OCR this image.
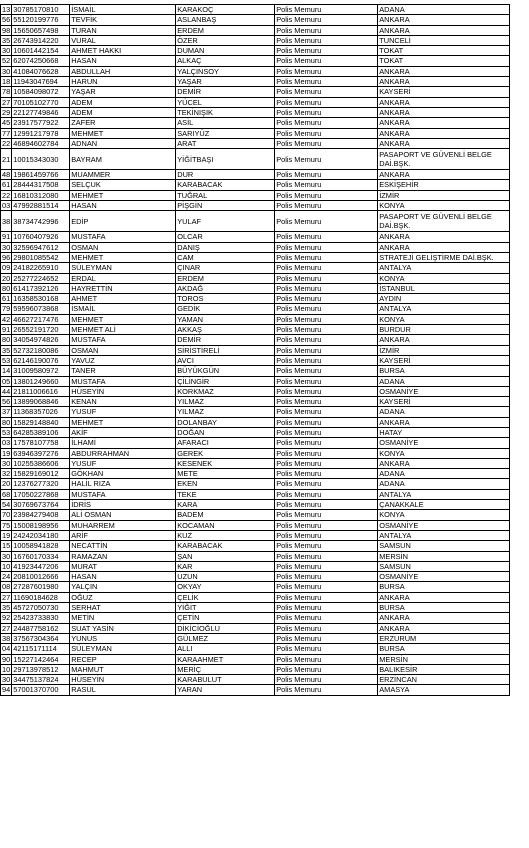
13	30785170810	İSMAİL	KARAKOÇ	Polis Memuru	ADANA
56	55120199776	TEVFİK	ASLANBAŞ	Polis Memuru	ANKARA
98	15650657498	TURAN	ERDEM	Polis Memuru	ANKARA
35	26743914220	VURAL	ÖZER	Polis Memuru	TUNCELİ
30	10601442154	AHMET HAKKI	DUMAN	Polis Memuru	TOKAT
52	62074250668	HASAN	ALKAÇ	Polis Memuru	TOKAT
30	41084076628	ABDULLAH	YALÇINSOY	Polis Memuru	ANKARA
18	11943047694	HARUN	YAŞAR	Polis Memuru	ANKARA
78	10584098072	YAŞAR	DEMİR	Polis Memuru	KAYSERİ
27	70105102770	ADEM	YÜCEL	Polis Memuru	ANKARA
29	22127749846	ADEM	TEKİNIŞIK	Polis Memuru	ANKARA
45	23917577922	ZAFER	ASİL	Polis Memuru	ANKARA
77	12991217978	MEHMET	SARIYÜZ	Polis Memuru	ANKARA
22	46894602784	ADNAN	ARAT	Polis Memuru	ANKARA
21	10015343030	BAYRAM	YİĞİTBAŞI	Polis Memuru	PASAPORT VE GÜVENLİ BELGE DAİ.BŞK.
48	19861459766	MUAMMER	DUR	Polis Memuru	ANKARA
61	28444317508	SELÇUK	KARABACAK	Polis Memuru	ESKİŞEHİR
22	16810312080	MEHMET	TUĞRAL	Polis Memuru	İZMİR
03	47992881514	HASAN	PİŞGİN	Polis Memuru	KONYA
38	38734742996	EDİP	YULAF	Polis Memuru	PASAPORT VE GÜVENLİ BELGE DAİ.BŞK.
91	10760407926	MUSTAFA	OLCAR	Polis Memuru	ANKARA
30	32596947612	OSMAN	DANIŞ	Polis Memuru	ANKARA
96	29801085542	MEHMET	CAM	Polis Memuru	STRATEJİ GELİŞTİRME DAİ.BŞK.
09	24182265910	SÜLEYMAN	ÇINAR	Polis Memuru	ANTALYA
20	25277224652	ERDAL	ERDEM	Polis Memuru	KONYA
80	61417392126	HAYRETTİN	AKDAĞ	Polis Memuru	İSTANBUL
61	16358530168	AHMET	TOROS	Polis Memuru	AYDIN
79	59596073868	İSMAİL	GEDİK	Polis Memuru	ANTALYA
42	46627217476	MEHMET	YAMAN	Polis Memuru	KONYA
91	26552191720	MEHMET ALİ	AKKAŞ	Polis Memuru	BURDUR
80	34054974826	MUSTAFA	DEMİR	Polis Memuru	ANKARA
35	52732180086	OSMAN	SİRİSTİRELİ	Polis Memuru	İZMİR
53	62146190076	YAVUZ	AVCI	Polis Memuru	KAYSERİ
14	31009580972	TANER	BÜYÜKGÜN	Polis Memuru	BURSA
05	13801249660	MUSTAFA	ÇİLİNGİR	Polis Memuru	ADANA
44	21811006616	HÜSEYİN	KORKMAZ	Polis Memuru	OSMANİYE
56	13899068846	KENAN	YILMAZ	Polis Memuru	KAYSERİ
37	11368357026	YUSUF	YILMAZ	Polis Memuru	ADANA
80	15829148840	MEHMET	DOLANBAY	Polis Memuru	ANKARA
53	64285389106	AKİF	DOĞAN	Polis Memuru	HATAY
03	17578107758	İLHAMİ	AFARACI	Polis Memuru	OSMANİYE
19	63946397276	ABDURRAHMAN	GEREK	Polis Memuru	KONYA
30	10255386606	YUSUF	KESENEK	Polis Memuru	ANKARA
32	15829169012	GÖKHAN	METE	Polis Memuru	ADANA
20	12376277320	HALİL RIZA	EKEN	Polis Memuru	ADANA
68	17050227868	MUSTAFA	TEKE	Polis Memuru	ANTALYA
54	30769673764	İDRİS	KARA	Polis Memuru	ÇANAKKALE
70	23984279408	ALİ OSMAN	BADEM	Polis Memuru	KONYA
75	15008198956	MUHARREM	KOCAMAN	Polis Memuru	OSMANİYE
19	24242034180	ARİF	KUZ	Polis Memuru	ANTALYA
15	10058941828	NECATTİN	KARABACAK	Polis Memuru	SAMSUN
30	16760170334	RAMAZAN	ŞAN	Polis Memuru	MERSİN
10	41923447206	MURAT	KAR	Polis Memuru	SAMSUN
24	20810012666	HASAN	UZUN	Polis Memuru	OSMANİYE
08	27287601980	YALÇIN	OKYAY	Polis Memuru	BURSA
27	11690184628	OĞUZ	ÇELİK	Polis Memuru	ANKARA
35	45727050730	SERHAT	YİĞİT	Polis Memuru	BURSA
92	25423733830	METİN	ÇETİN	Polis Memuru	ANKARA
27	24487758162	SUAT YASİN	DİKİCİOĞLU	Polis Memuru	ANKARA
38	37567304364	YUNUS	GÜLMEZ	Polis Memuru	ERZURUM
04	42115171114	SÜLEYMAN	ALLI	Polis Memuru	BURSA
90	15227142464	RECEP	KARAAHMET	Polis Memuru	MERSİN
10	29713978512	MAHMUT	MERİÇ	Polis Memuru	BALIKESİR
30	34475137824	HÜSEYİN	KARABULUT	Polis Memuru	ERZİNCAN
94	57001370700	RASUL	YARAN	Polis Memuru	AMASYA
